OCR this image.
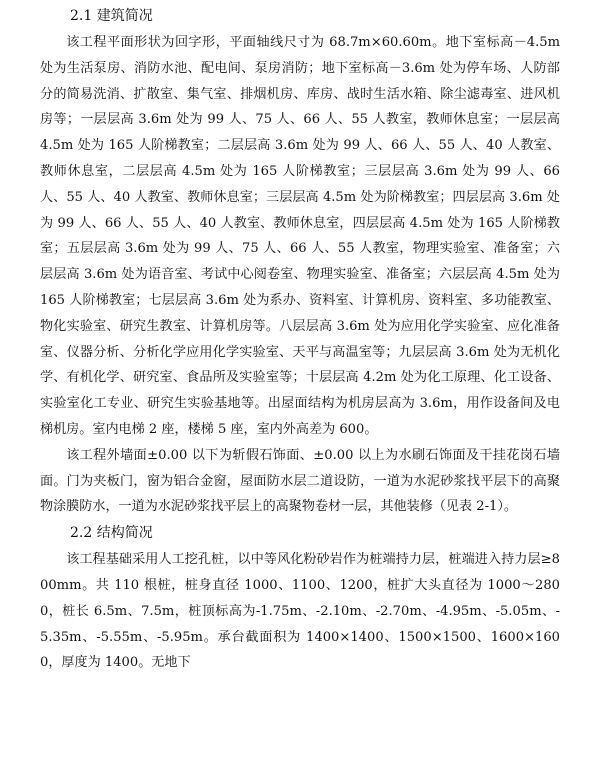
2.1 建筑简况

该工程平面形状为回字形，平面轴线尺寸为 68.7m×60.60m。地下室标高－4.5m 处为生活泵房、消防水池、配电间、泵房消防；地下室标高－3.6m 处为停车场、人防部分的简易洗消、扩散室、集气室、排烟机房、库房、战时生活水箱、除尘滤毒室、进风机房等；一层层高 3.6m 处为 99 人、75 人、66 人、55 人教室，教师休息室；一层层高 4.5m 处为 165 人阶梯教室；二层层高 3.6m 处为 99 人、66 人、55 人、40 人教室、教师休息室，二层层高 4.5m 处为 165 人阶梯教室；三层层高 3.6m 处为 99 人、66 人、55 人、40 人教室、教师休息室；三层层高 4.5m 处为阶梯教室；四层层高 3.6m 处为 99 人、66 人、55 人、40 人教室、教师休息室，四层层高 4.5m 处为 165 人阶梯教室；五层层高 3.6m 处为 99 人、75 人、66 人、55 人教室，物理实验室、准备室；六层层高 3.6m 处为语音室、考试中心阅卷室、物理实验室、准备室；六层层高 4.5m 处为 165 人阶梯教室；七层层高 3.6m 处为系办、资料室、计算机房、资料室、多功能教室、物化实验室、研究生教室、计算机房等。八层层高 3.6m 处为应用化学实验室、应化准备室、仪器分析、分析化学应用化学实验室、天平与高温室等；九层层高 3.6m 处为无机化学、有机化学、研究室、食品所及实验室等；十层层高 4.2m 处为化工原理、化工设备、实验室化工专业、研究生实验基地等。出屋面结构为机房层高为 3.6m，用作设备间及电梯机房。室内电梯 2 座，楼梯 5 座，室内外高差为 600。

该工程外墙面±0.00 以下为斩假石饰面、±0.00 以上为水刷石饰面及干挂花岗石墙面。门为夹板门，窗为铝合金窗，屋面防水层二道设防，一道为水泥砂浆找平层下的高聚物涂膜防水，一道为水泥砂浆找平层上的高聚物卷材一层，其他装修（见表 2-1）。

2.2 结构简况

该工程基础采用人工挖孔桩，以中等风化粉砂岩作为桩端持力层，桩端进入持力层≥800mm。共 110 根桩，桩身直径 1000、1100、1200，桩扩大头直径为 1000～2800，桩长 6.5m、7.5m，桩顶标高为-1.75m、-2.10m、-2.70m、-4.95m、-5.05m、-5.35m、-5.55m、-5.95m。承台截面积为 1400×1400、1500×1500、1600×1600，厚度为 1400。无地下
